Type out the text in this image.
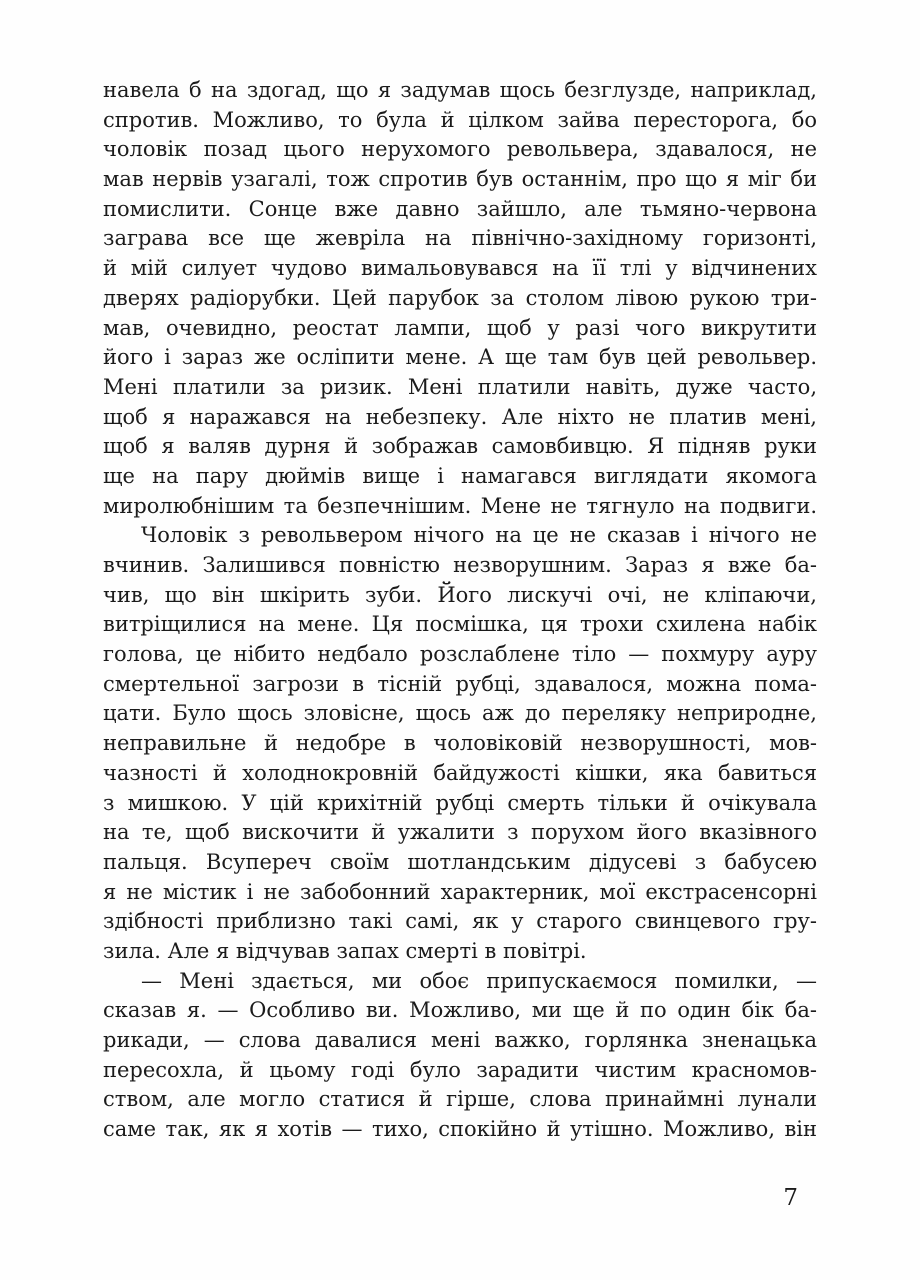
навела б на здогад, що я задумав щось безглузде, наприклад,
спротив. Можливо, то була й цілком зайва пересторога, бо
чоловік позад цього нерухомого револьвера, здавалося, не
мав нервів узагалі, тож спротив був останнім, про що я міг би
помислити. Сонце вже давно зайшло, але тьмяно-червона
заграва все ще жевріла на північно-західному горизонті,
й мій силует чудово вимальовувався на її тлі у відчинених
дверях радіорубки. Цей парубок за столом лівою рукою три-
мав, очевидно, реостат лампи, щоб у разі чого викрутити
його і зараз же осліпити мене. А ще там був цей револьвер.
Мені платили за ризик. Мені платили навіть, дуже часто,
щоб я наражався на небезпеку. Але ніхто не платив мені,
щоб я валяв дурня й зображав самовбивцю. Я підняв руки
ще на пару дюймів вище і намагався виглядати якомога
миролюбнішим та безпечнішим. Мене не тягнуло на подвиги.
Чоловік з револьвером нічого на це не сказав і нічого не
вчинив. Залишився повністю незворушним. Зараз я вже ба-
чив, що він шкірить зуби. Його лискучі очі, не кліпаючи,
витріщилися на мене. Ця посмішка, ця трохи схилена набік
голова, це нібито недбало розслаблене тіло — похмуру ауру
смертельної загрози в тісній рубці, здавалося, можна пома-
цати. Було щось зловісне, щось аж до переляку неприродне,
неправильне й недобре в чоловіковій незворушності, мов-
чазності й холоднокровній байдужості кішки, яка бавиться
з мишкою. У цій крихітній рубці смерть тільки й очікувала
на те, щоб вискочити й ужалити з порухом його вказівного
пальця. Всупереч своїм шотландським дідусеві з бабусею
я не містик і не забобонний характерник, мої екстрасенсорні
здібності приблизно такі самі, як у старого свинцевого гру-
зила. Але я відчував запах смерті в повітрі.
— Мені здається, ми обоє припускаємося помилки, —
сказав я. — Особливо ви. Можливо, ми ще й по один бік ба-
рикади, — слова давалися мені важко, горлянка зненацька
пересохла, й цьому годі було зарадити чистим красномов-
ством, але могло статися й гірше, слова принаймні лунали
саме так, як я хотів — тихо, спокійно й утішно. Можливо, він
7
